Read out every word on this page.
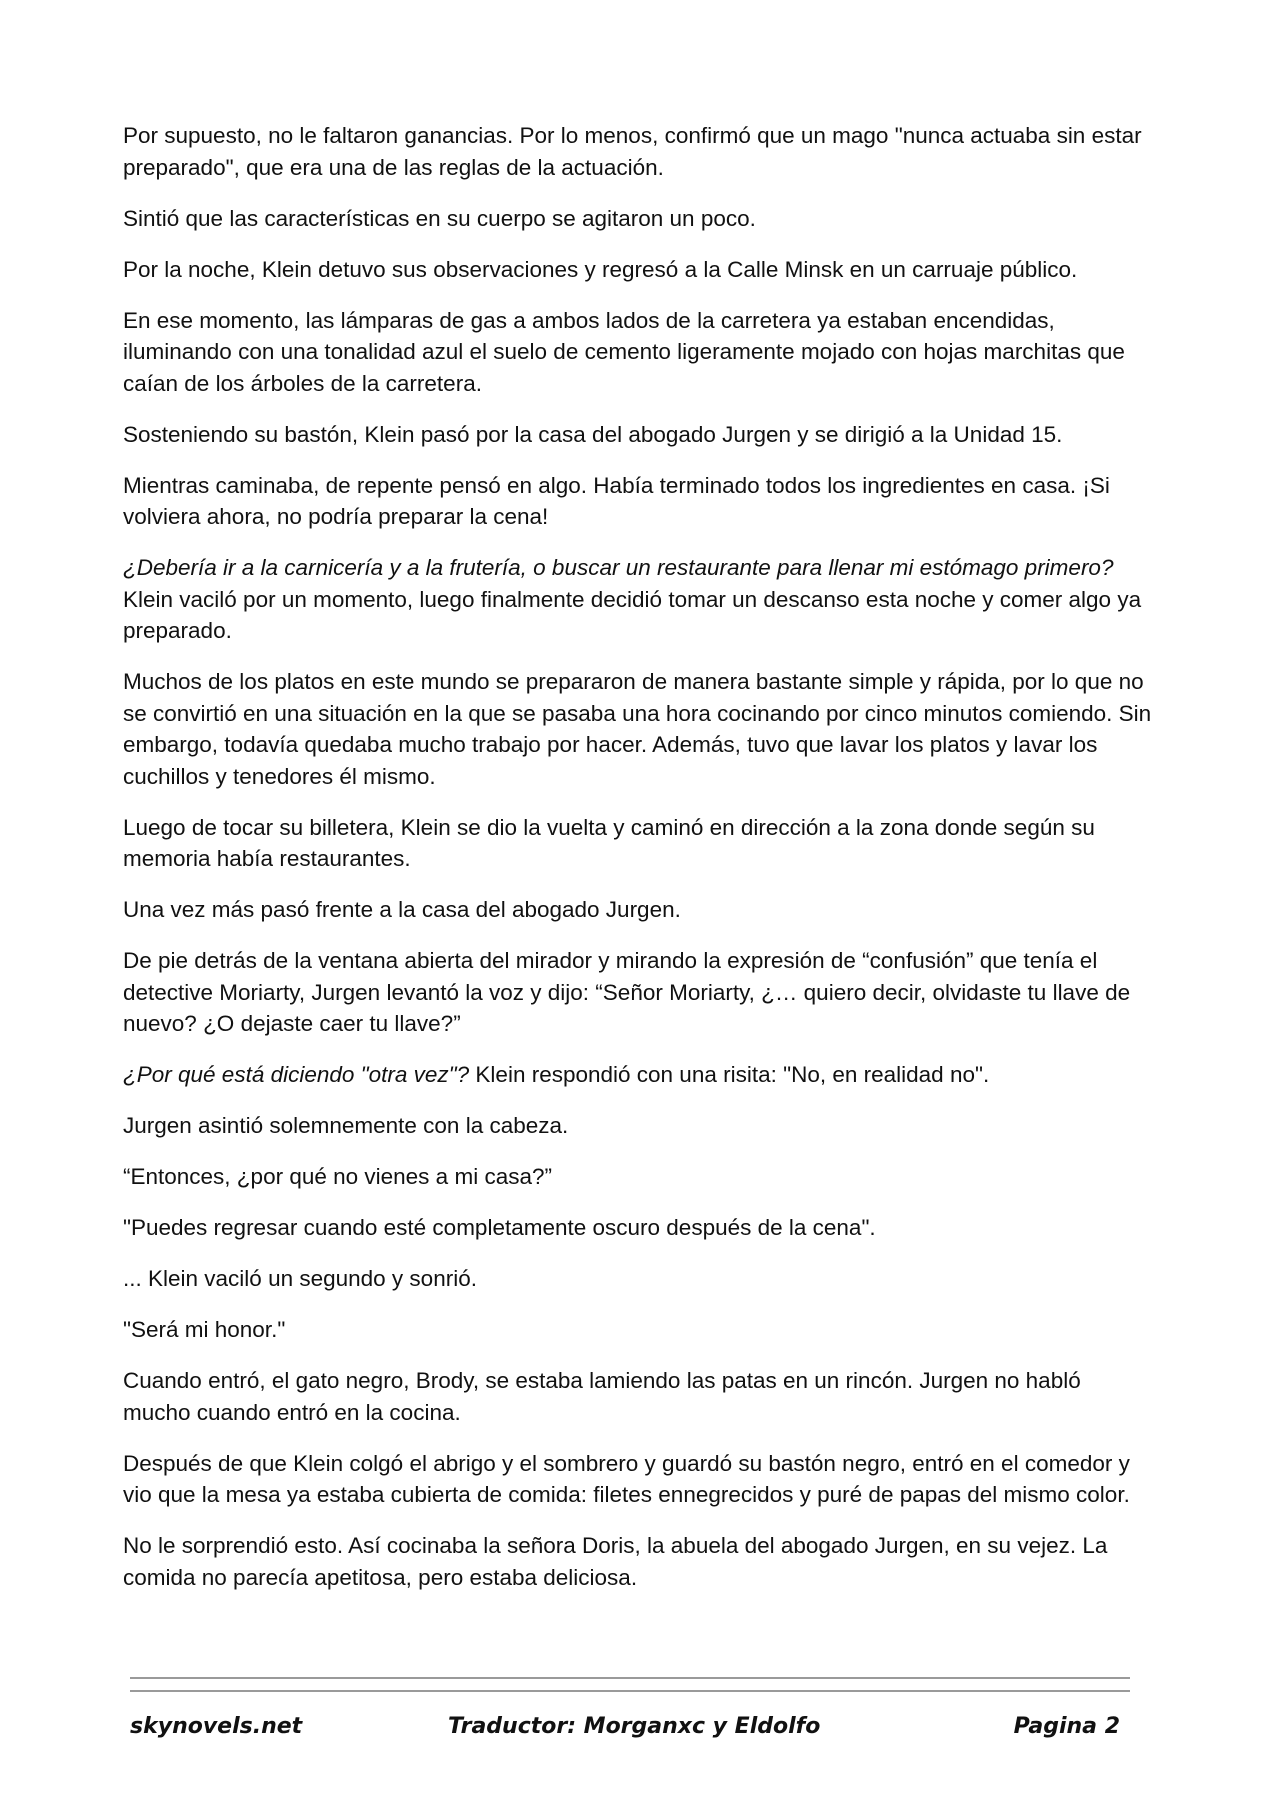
Por supuesto, no le faltaron ganancias. Por lo menos, confirmó que un mago "nunca actuaba sin estar preparado", que era una de las reglas de la actuación.

Sintió que las características en su cuerpo se agitaron un poco.

Por la noche, Klein detuvo sus observaciones y regresó a la Calle Minsk en un carruaje público.

En ese momento, las lámparas de gas a ambos lados de la carretera ya estaban encendidas, iluminando con una tonalidad azul el suelo de cemento ligeramente mojado con hojas marchitas que caían de los árboles de la carretera.

Sosteniendo su bastón, Klein pasó por la casa del abogado Jurgen y se dirigió a la Unidad 15.

Mientras caminaba, de repente pensó en algo. Había terminado todos los ingredientes en casa. ¡Si volviera ahora, no podría preparar la cena!

¿Debería ir a la carnicería y a la frutería, o buscar un restaurante para llenar mi estómago primero? Klein vaciló por un momento, luego finalmente decidió tomar un descanso esta noche y comer algo ya preparado.

Muchos de los platos en este mundo se prepararon de manera bastante simple y rápida, por lo que no se convirtió en una situación en la que se pasaba una hora cocinando por cinco minutos comiendo. Sin embargo, todavía quedaba mucho trabajo por hacer. Además, tuvo que lavar los platos y lavar los cuchillos y tenedores él mismo.

Luego de tocar su billetera, Klein se dio la vuelta y caminó en dirección a la zona donde según su memoria había restaurantes.

Una vez más pasó frente a la casa del abogado Jurgen.

De pie detrás de la ventana abierta del mirador y mirando la expresión de “confusión” que tenía el detective Moriarty, Jurgen levantó la voz y dijo: “Señor Moriarty, ¿… quiero decir, olvidaste tu llave de nuevo? ¿O dejaste caer tu llave?”

¿Por qué está diciendo "otra vez"? Klein respondió con una risita: "No, en realidad no".

Jurgen asintió solemnemente con la cabeza.

“Entonces, ¿por qué no vienes a mi casa?”

"Puedes regresar cuando esté completamente oscuro después de la cena".

... Klein vaciló un segundo y sonrió.

"Será mi honor."

Cuando entró, el gato negro, Brody, se estaba lamiendo las patas en un rincón. Jurgen no habló mucho cuando entró en la cocina.

Después de que Klein colgó el abrigo y el sombrero y guardó su bastón negro, entró en el comedor y vio que la mesa ya estaba cubierta de comida: filetes ennegrecidos y puré de papas del mismo color.

No le sorprendió esto. Así cocinaba la señora Doris, la abuela del abogado Jurgen, en su vejez. La comida no parecía apetitosa, pero estaba deliciosa.

skynovels.net	Traductor: Morganxc y Eldolfo	Pagina 2
